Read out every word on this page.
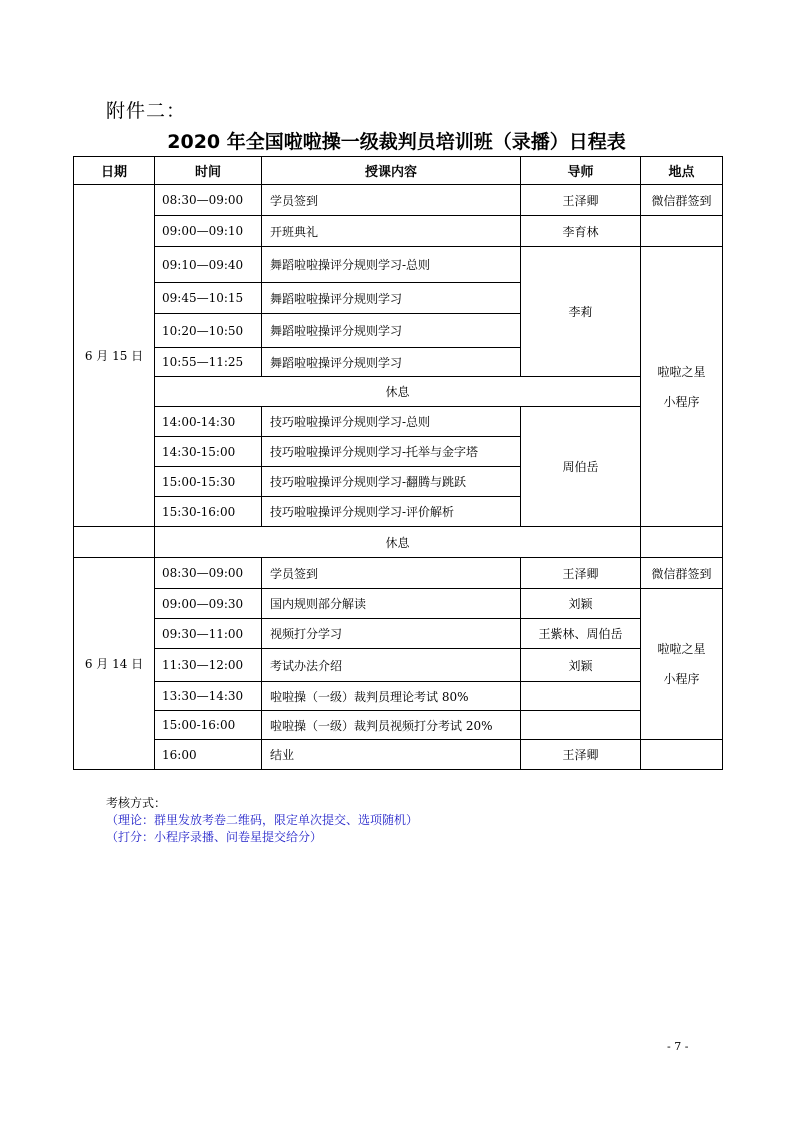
附件二：
2020 年全国啦啦操一级裁判员培训班（录播）日程表
日期	时间	授课内容	导师	地点
6 月 15 日	08:30—09:00	学员签到	王泽卿	微信群签到
	09:00—09:10	开班典礼	李育林	
	09:10—09:40	舞蹈啦啦操评分规则学习-总则	李莉	啦啦之星
小程序

	09:45—10:15	舞蹈啦啦操评分规则学习		
	10:20—10:50	舞蹈啦啦操评分规则学习		
	10:55—11:25	舞蹈啦啦操评分规则学习		
	休息			
	14:00-14:30	技巧啦啦操评分规则学习-总则	周伯岳	
	14:30-15:00	技巧啦啦操评分规则学习-托举与金字塔		
	15:00-15:30	技巧啦啦操评分规则学习-翻腾与跳跃		
	15:30-16:00	技巧啦啦操评分规则学习-评价解析		
	休息			
6 月 14 日	08:30—09:00	学员签到	王泽卿	微信群签到
	09:00—09:30	国内规则部分解读	刘颖	啦啦之星
小程序

	09:30—11:00	视频打分学习	王紫林、周伯岳	
	11:30—12:00	考试办法介绍	刘颖	
	13:30—14:30	啦啦操（一级）裁判员理论考试 80%		
	15:00-16:00	啦啦操（一级）裁判员视频打分考试 20%		
	16:00	结业	王泽卿	
考核方式：
（理论：群里发放考卷二维码，限定单次提交、选项随机）
（打分：小程序录播、问卷星提交给分）
- 7 -
